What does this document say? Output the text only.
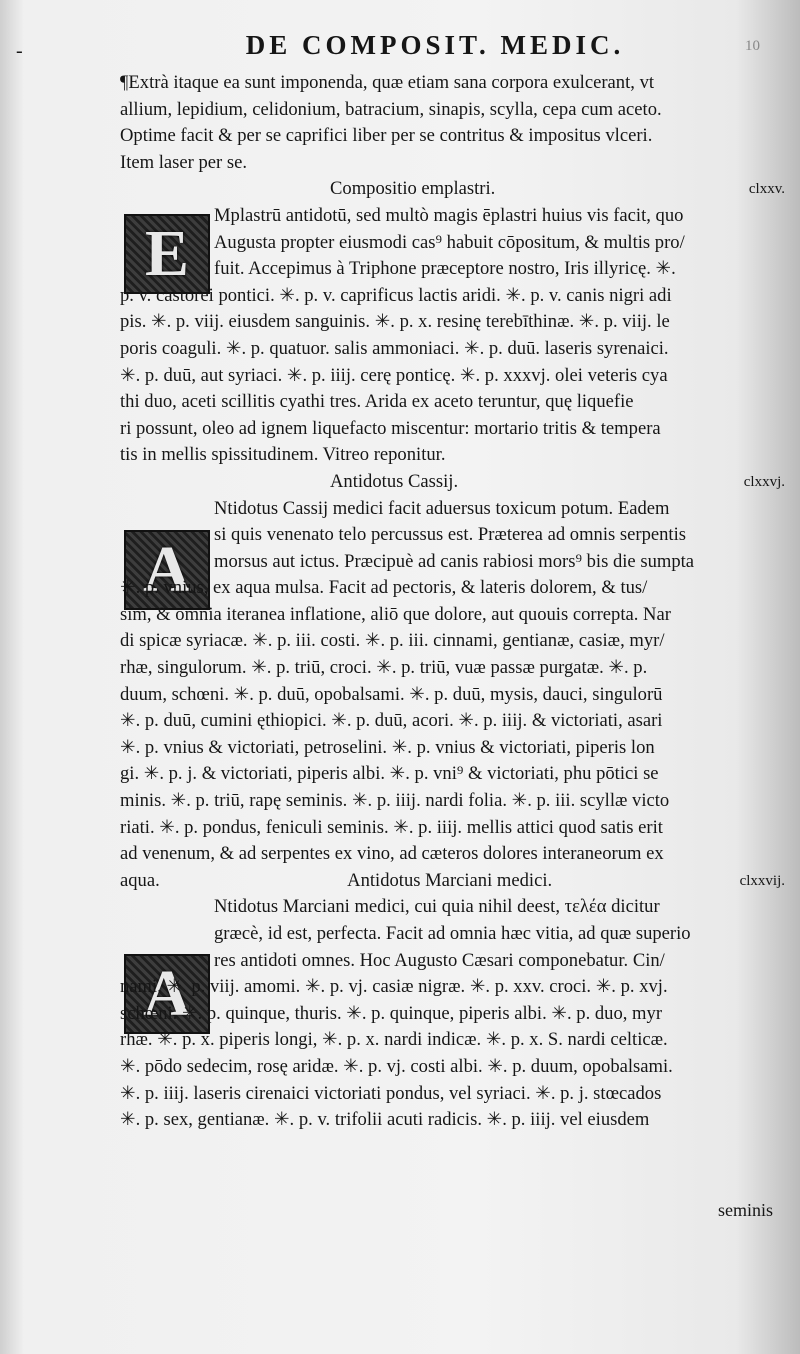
-	DE COMPOSIT. MEDIC.	10
E
A
A
¶Extrà itaque ea sunt imponenda, quæ etiam sana corpora exulcerant, vt
allium, lepidium, celidonium, batracium, sinapis, scylla, cepa cum aceto.
Optime facit & per se caprifici liber per se contritus & impositus vlceri.
Item laser per se.
Compositio emplastri.	clxxv.
Mplastrū antidotū, sed multò magis ēplastri huius vis facit, quo
Augusta propter eiusmodi cas⁹ habuit cōpositum, & multis pro/
fuit. Accepimus à Triphone præceptore nostro, Iris illyricę. ✳.
p. v. castorei pontici. ✳. p. v. caprificus lactis aridi. ✳. p. v. canis nigri adi
pis. ✳. p. viij. eiusdem sanguinis. ✳. p. x. resinę terebīthinæ. ✳. p. viij. le
poris coaguli. ✳. p. quatuor. salis ammoniaci. ✳. p. duū. laseris syrenaici.
✳. p. duū, aut syriaci. ✳. p. iiij. cerę ponticę. ✳. p. xxxvj. olei veteris cya
thi duo, aceti scillitis cyathi tres. Arida ex aceto teruntur, quę liquefie
ri possunt, oleo ad ignem liquefacto miscentur: mortario tritis & tempera
tis in mellis spissitudinem. Vitreo reponitur.
Antidotus Cassij.	clxxvj.
Ntidotus Cassij medici facit aduersus toxicum potum. Eadem
si quis venenato telo percussus est. Præterea ad omnis serpentis
morsus aut ictus. Præcipuè ad canis rabiosi mors⁹ bis die sumpta
✳. p. vnius, ex aqua mulsa. Facit ad pectoris, & lateris dolorem, & tus/
sim, & omnia iteranea inflatione, aliō que dolore, aut quouis correpta. Nar
di spicæ syriacæ. ✳. p. iii. costi. ✳. p. iii. cinnami, gentianæ, casiæ, myr/
rhæ, singulorum. ✳. p. triū, croci. ✳. p. triū, vuæ passæ purgatæ. ✳. p.
duum, schœni. ✳. p. duū, opobalsami. ✳. p. duū, mysis, dauci, singulorū
✳. p. duū, cumini ęthiopici. ✳. p. duū, acori. ✳. p. iiij. & victoriati, asari
✳. p. vnius & victoriati, petroselini. ✳. p. vnius & victoriati, piperis lon
gi. ✳. p. j. & victoriati, piperis albi. ✳. p. vni⁹ & victoriati, phu pōtici se
minis. ✳. p. triū, rapę seminis. ✳. p. iiij. nardi folia. ✳. p. iii. scyllæ victo
riati. ✳. p. pondus, feniculi seminis. ✳. p. iiij. mellis attici quod satis erit
ad venenum, & ad serpentes ex vino, ad cæteros dolores interaneorum ex
aqua.	Antidotus Marciani medici.	clxxvij.
Ntidotus Marciani medici, cui quia nihil deest, τελέα dicitur
græcè, id est, perfecta. Facit ad omnia hæc vitia, ad quæ superio
res antidoti omnes. Hoc Augusto Cæsari componebatur. Cin/
nami. ✳. p. viij. amomi. ✳. p. vj. casiæ nigræ. ✳. p. xxv. croci. ✳. p. xvj.
schœni. ✳. p. quinque, thuris. ✳. p. quinque, piperis albi. ✳. p. duo, myr
rhæ. ✳. p. x. piperis longi, ✳. p. x. nardi indicæ. ✳. p. x. S. nardi celticæ.
✳. pōdo sedecim, rosę aridæ. ✳. p. vj. costi albi. ✳. p. duum, opobalsami.
✳. p. iiij. laseris cirenaici victoriati pondus, vel syriaci. ✳. p. j. stœcados
✳. p. sex, gentianæ. ✳. p. v. trifolii acuti radicis. ✳. p. iiij. vel eiusdem
seminis
